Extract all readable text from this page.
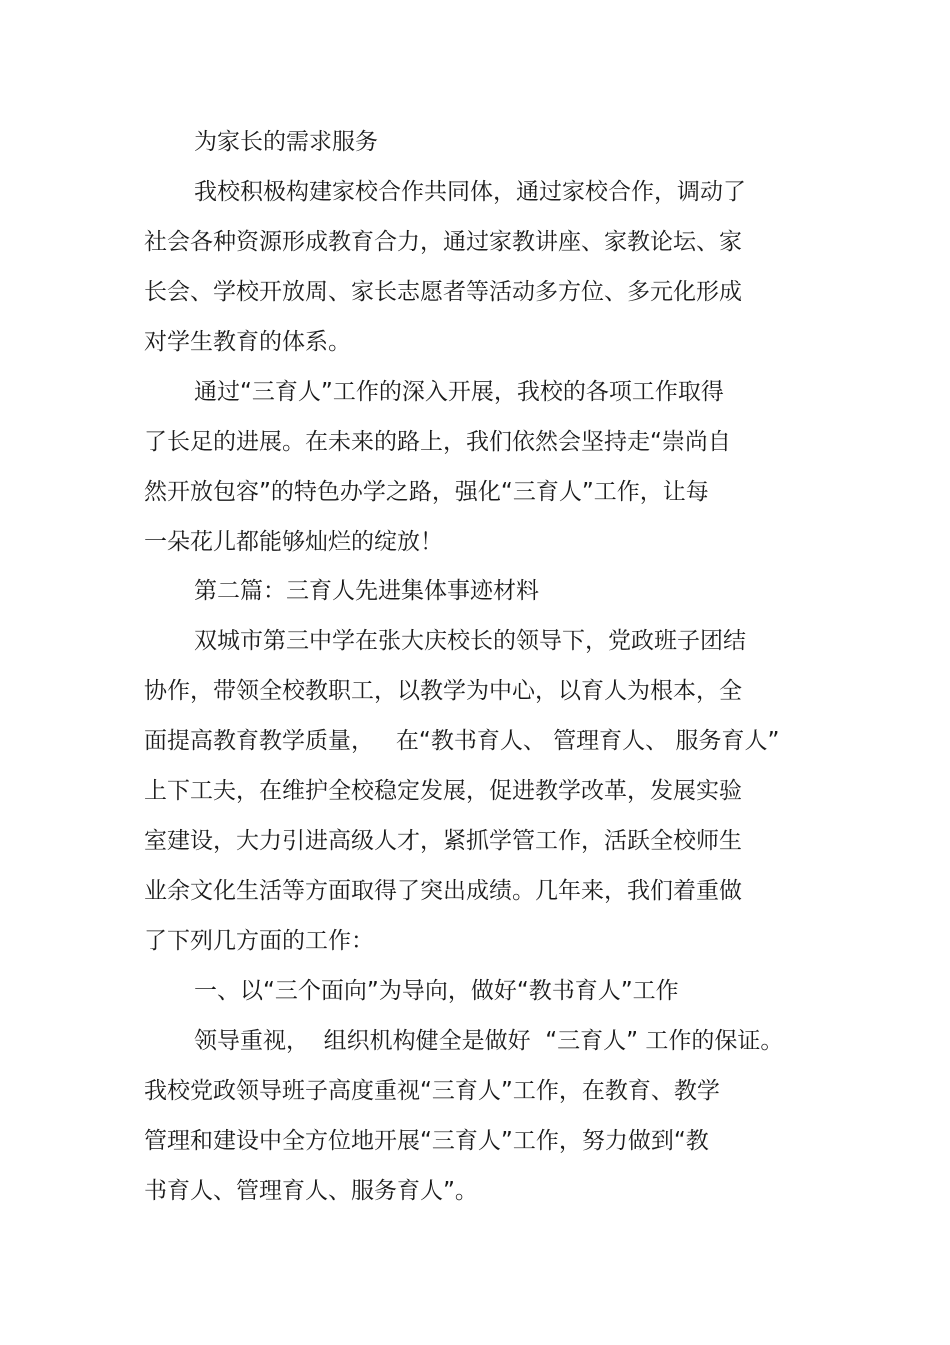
为家长的需求服务
我校积极构建家校合作共同体，通过家校合作，调动了
社会各种资源形成教育合力，通过家教讲座、家教论坛、家
长会、学校开放周、家长志愿者等活动多方位、多元化形成
对学生教育的体系。
通过“三育人”工作的深入开展，我校的各项工作取得
了长足的进展。在未来的路上，我们依然会坚持走“崇尚自
然开放包容”的特色办学之路，强化“三育人”工作，让每
一朵花儿都能够灿烂的绽放！
第二篇：三育人先进集体事迹材料
双城市第三中学在张大庆校长的领导下，党政班子团结
协作，带领全校教职工，以教学为中心，以育人为根本，全
面提高教育教学质量，   在“教书育人、 管理育人、 服务育人”
上下工夫，在维护全校稳定发展，促进教学改革，发展实验
室建设，大力引进高级人才，紧抓学管工作，活跃全校师生
业余文化生活等方面取得了突出成绩。几年来，我们着重做
了下列几方面的工作：
一、以“三个面向”为导向，做好“教书育人”工作
领导重视，  组织机构健全是做好  “三育人” 工作的保证。
我校党政领导班子高度重视“三育人”工作，在教育、教学
管理和建设中全方位地开展“三育人”工作，努力做到“教
书育人、管理育人、服务育人”。
